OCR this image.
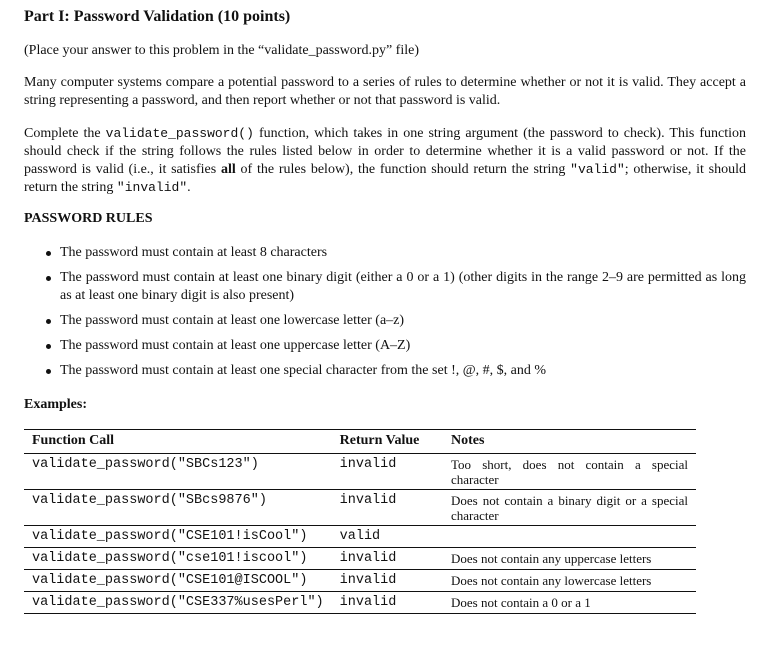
Part I: Password Validation (10 points)

(Place your answer to this problem in the “validate_password.py” file)

Many computer systems compare a potential password to a series of rules to determine whether or not it is valid. They accept a string representing a password, and then report whether or not that password is valid.

Complete the validate_password() function, which takes in one string argument (the password to check). This function should check if the string follows the rules listed below in order to determine whether it is a valid password or not. If the password is valid (i.e., it satisfies all of the rules below), the function should return the string "valid"; otherwise, it should return the string "invalid".

PASSWORD RULES
The password must contain at least 8 characters
The password must contain at least one binary digit (either a 0 or a 1) (other digits in the range 2–9 are permitted as long as at least one binary digit is also present)
The password must contain at least one lowercase letter (a–z)
The password must contain at least one uppercase letter (A–Z)
The password must contain at least one special character from the set !, @, #, $, and %
Examples:
Function Call	Return Value	Notes
validate_password("SBCs123")	invalid	Too short, does not contain a special character
validate_password("SBcs9876")	invalid	Does not contain a binary digit or a special character
validate_password("CSE101!isCool")	valid	
validate_password("cse101!iscool")	invalid	Does not contain any uppercase letters
validate_password("CSE101@ISCOOL")	invalid	Does not contain any lowercase letters
validate_password("CSE337%usesPerl")	invalid	Does not contain a 0 or a 1
